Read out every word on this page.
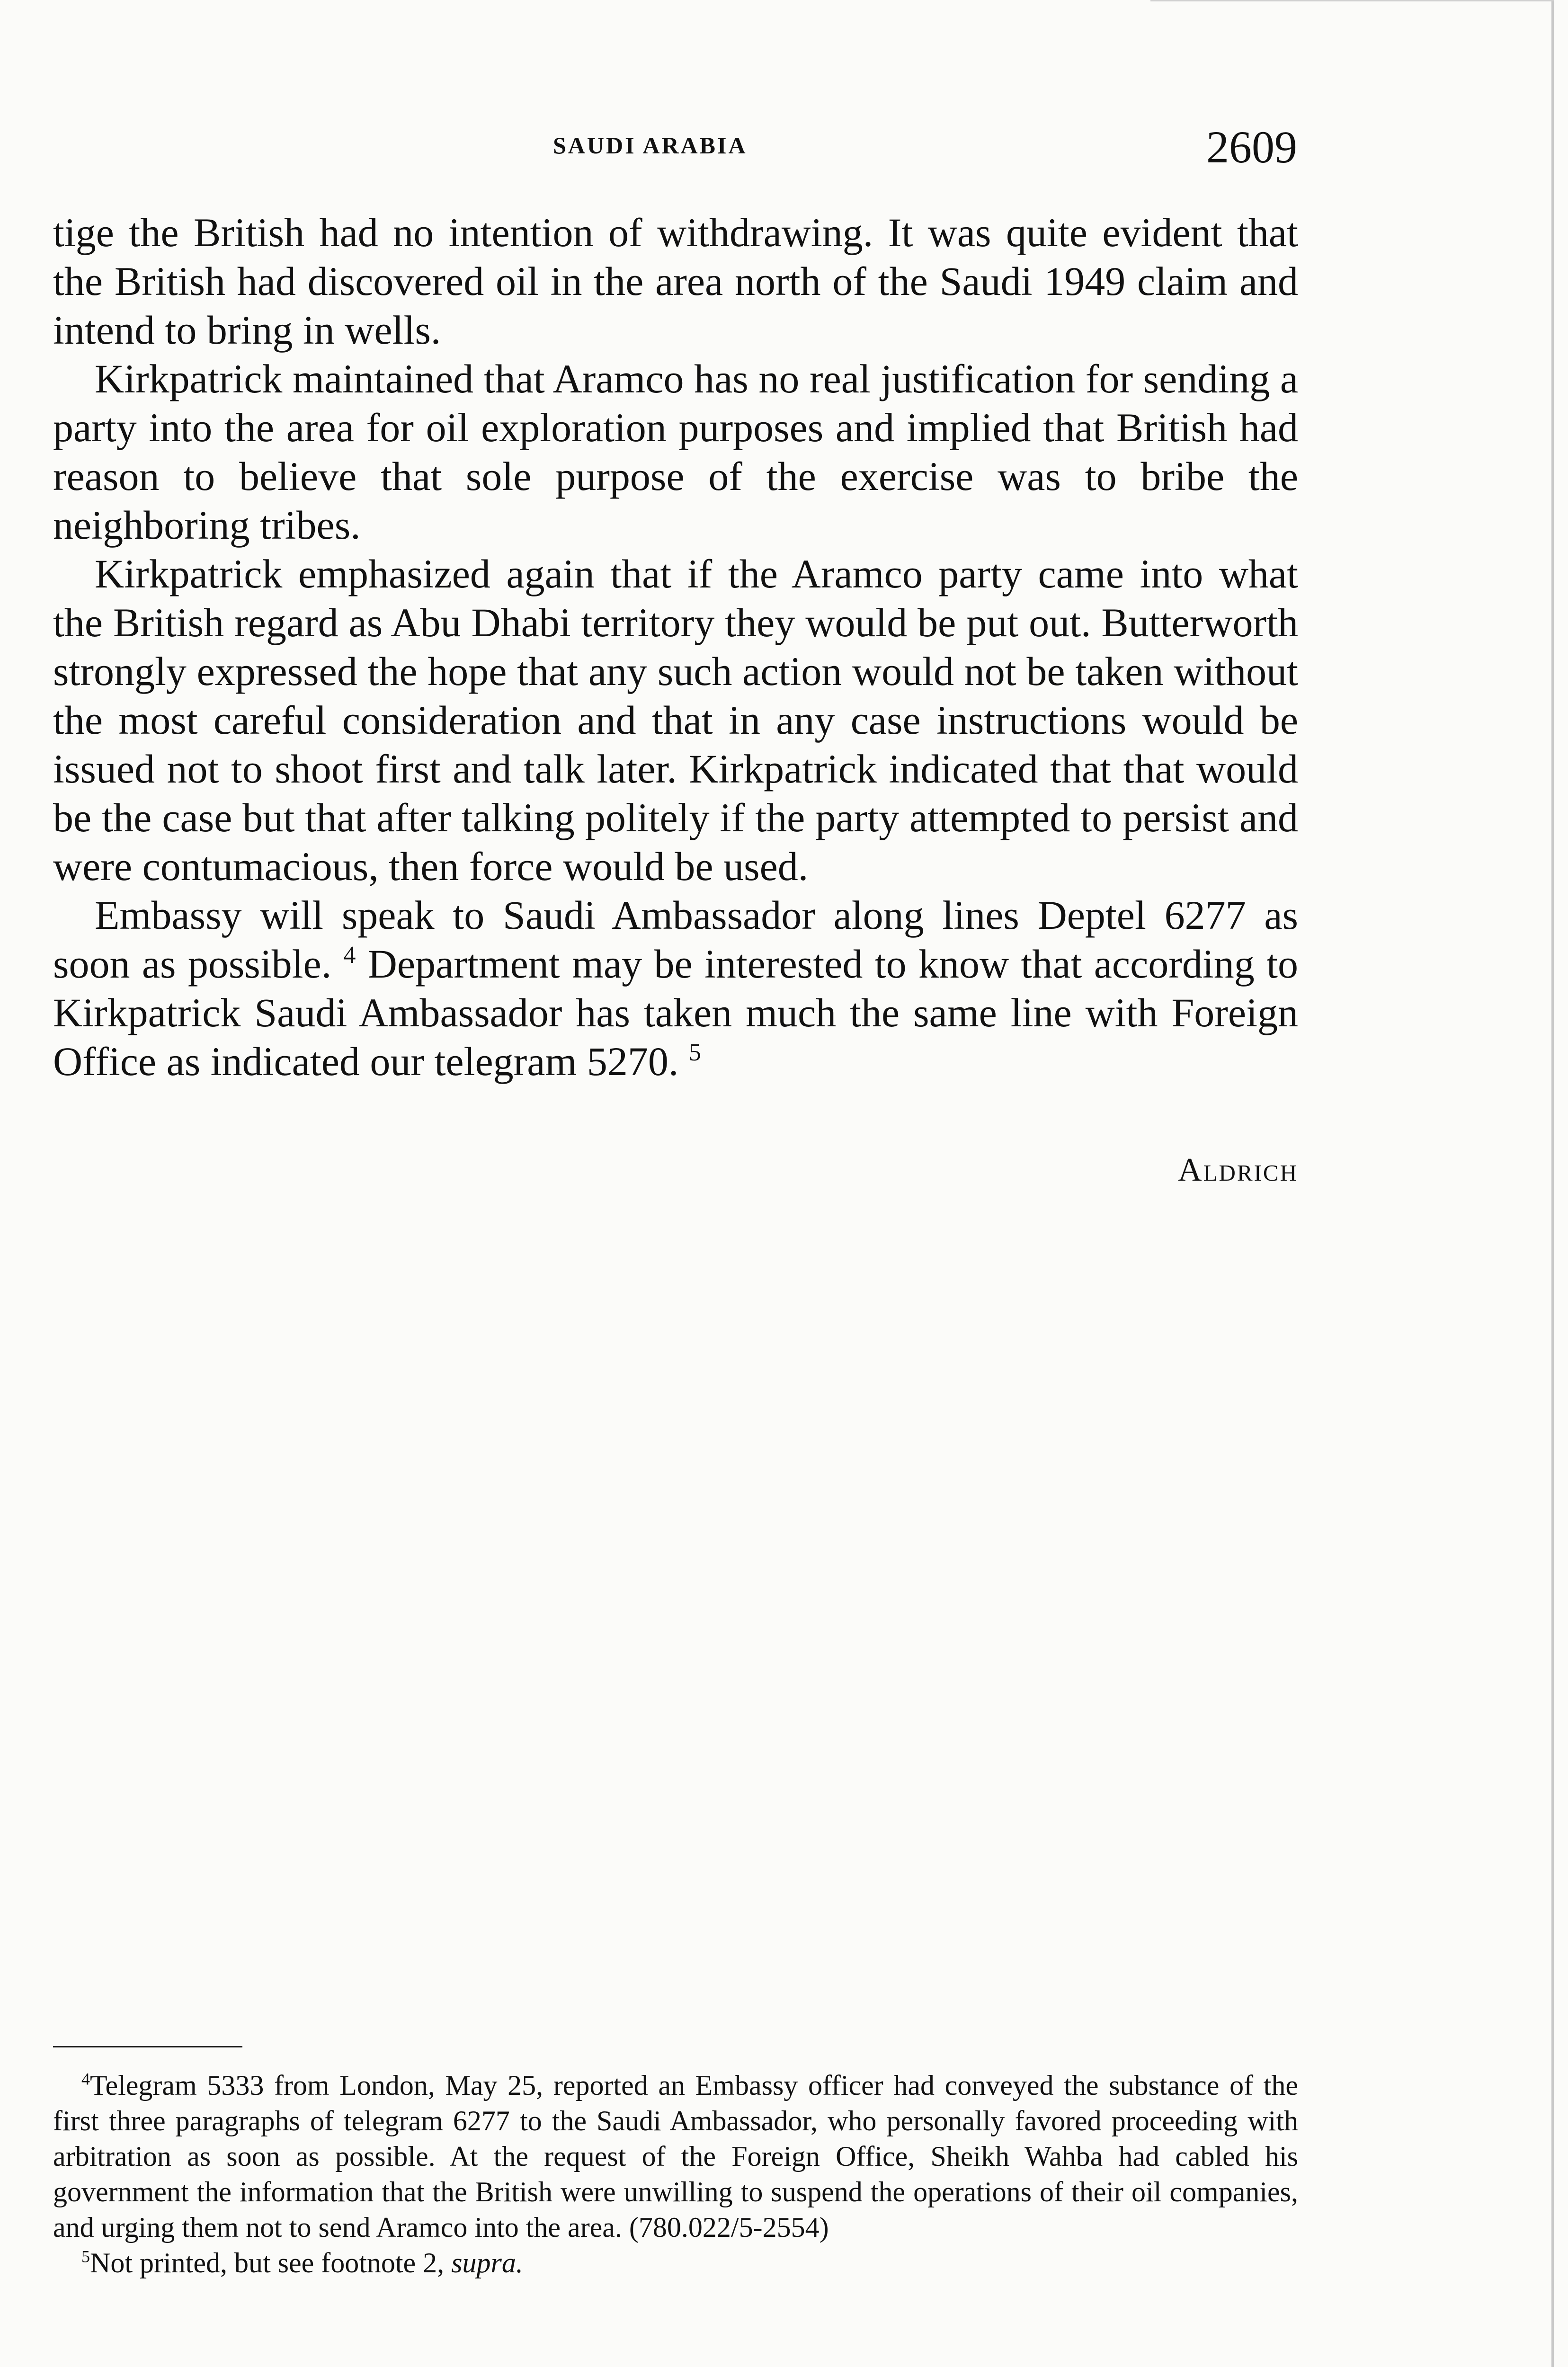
SAUDI ARABIA	2609

tige the British had no intention of withdrawing. It was quite evident that the British had discovered oil in the area north of the Saudi 1949 claim and intend to bring in wells.

Kirkpatrick maintained that Aramco has no real justification for sending a party into the area for oil exploration purposes and implied that British had reason to believe that sole purpose of the exercise was to bribe the neighboring tribes.

Kirkpatrick emphasized again that if the Aramco party came into what the British regard as Abu Dhabi territory they would be put out. Butterworth strongly expressed the hope that any such action would not be taken without the most careful consideration and that in any case instructions would be issued not to shoot first and talk later. Kirkpatrick indicated that that would be the case but that after talking politely if the party attempted to persist and were contumacious, then force would be used.

Embassy will speak to Saudi Ambassador along lines Deptel 6277 as soon as possible. $^4$ Department may be interested to know that according to Kirkpatrick Saudi Ambassador has taken much the same line with Foreign Office as indicated our telegram 5270. $^5$

Aldrich

$^4$Telegram 5333 from London, May 25, reported an Embassy officer had conveyed the substance of the first three paragraphs of telegram 6277 to the Saudi Ambassador, who personally favored proceeding with arbitration as soon as possible. At the request of the Foreign Office, Sheikh Wahba had cabled his government the information that the British were unwilling to suspend the operations of their oil companies, and urging them not to send Aramco into the area. (780.022/5-2554)

$^5$Not printed, but see footnote 2, supra.
